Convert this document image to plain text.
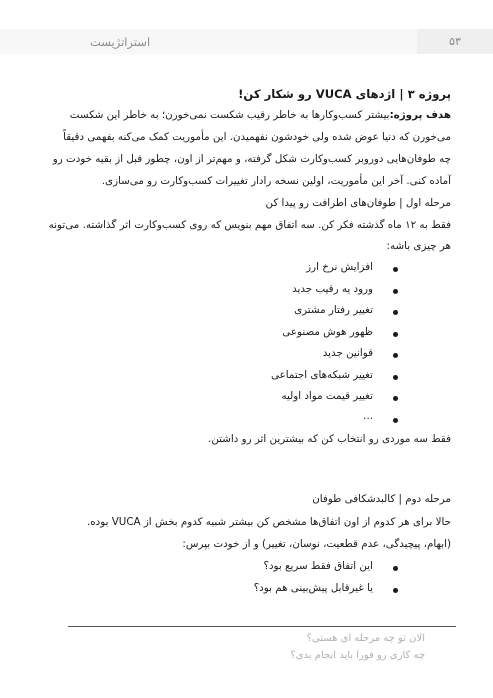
استراتژیست	۵۳
پروژه ۳ | اژدهای VUCA رو شکار کن!
هدف پروژه:بیشتر کسب‌وکارها به خاطر رقیب شکست نمی‌خورن؛ به خاطر این شکست
می‌خورن که دنیا عوض شده ولی خودشون نفهمیدن. این مأموریت کمک می‌کنه بفهمی دقیقاً
چه طوفان‌هایی دوروبر کسب‌وکارت شکل گرفته، و مهم‌تر از اون، چطور قبل از بقیه خودت رو
آماده کنی. آخر این مأموریت، اولین نسخه رادار تغییرات کسب‌وکارت رو می‌سازی.
مرحله اول | طوفان‌های اطرافت رو پیدا کن
فقط به ۱۲ ماه گذشته فکر کن. سه اتفاق مهم بنویس که روی کسب‌وکارت اثر گذاشته. می‌تونه
هر چیزی باشه:
افزایش نرخ ارز
ورود یه رقیب جدید
تغییر رفتار مشتری
ظهور هوش مصنوعی
قوانین جدید
تغییر شبکه‌های اجتماعی
تغییر قیمت مواد اولیه
...
فقط سه موردی رو انتخاب کن که بیشترین اثر رو داشتن.
مرحله دوم | کالبدشکافی طوفان
حالا برای هر کدوم از اون اتفاق‌ها مشخص کن بیشتر شبیه کدوم بخش از VUCA بوده.
(ابهام، پیچیدگی، عدم قطعیت، نوسان، تغییر) و از خودت بپرس:
این اتفاق فقط سریع بود؟
یا غیرقابل پیش‌بینی هم بود؟
الان تو چه مرحله ای هستی؟
چه کاری رو فورا باید انجام بدی؟
